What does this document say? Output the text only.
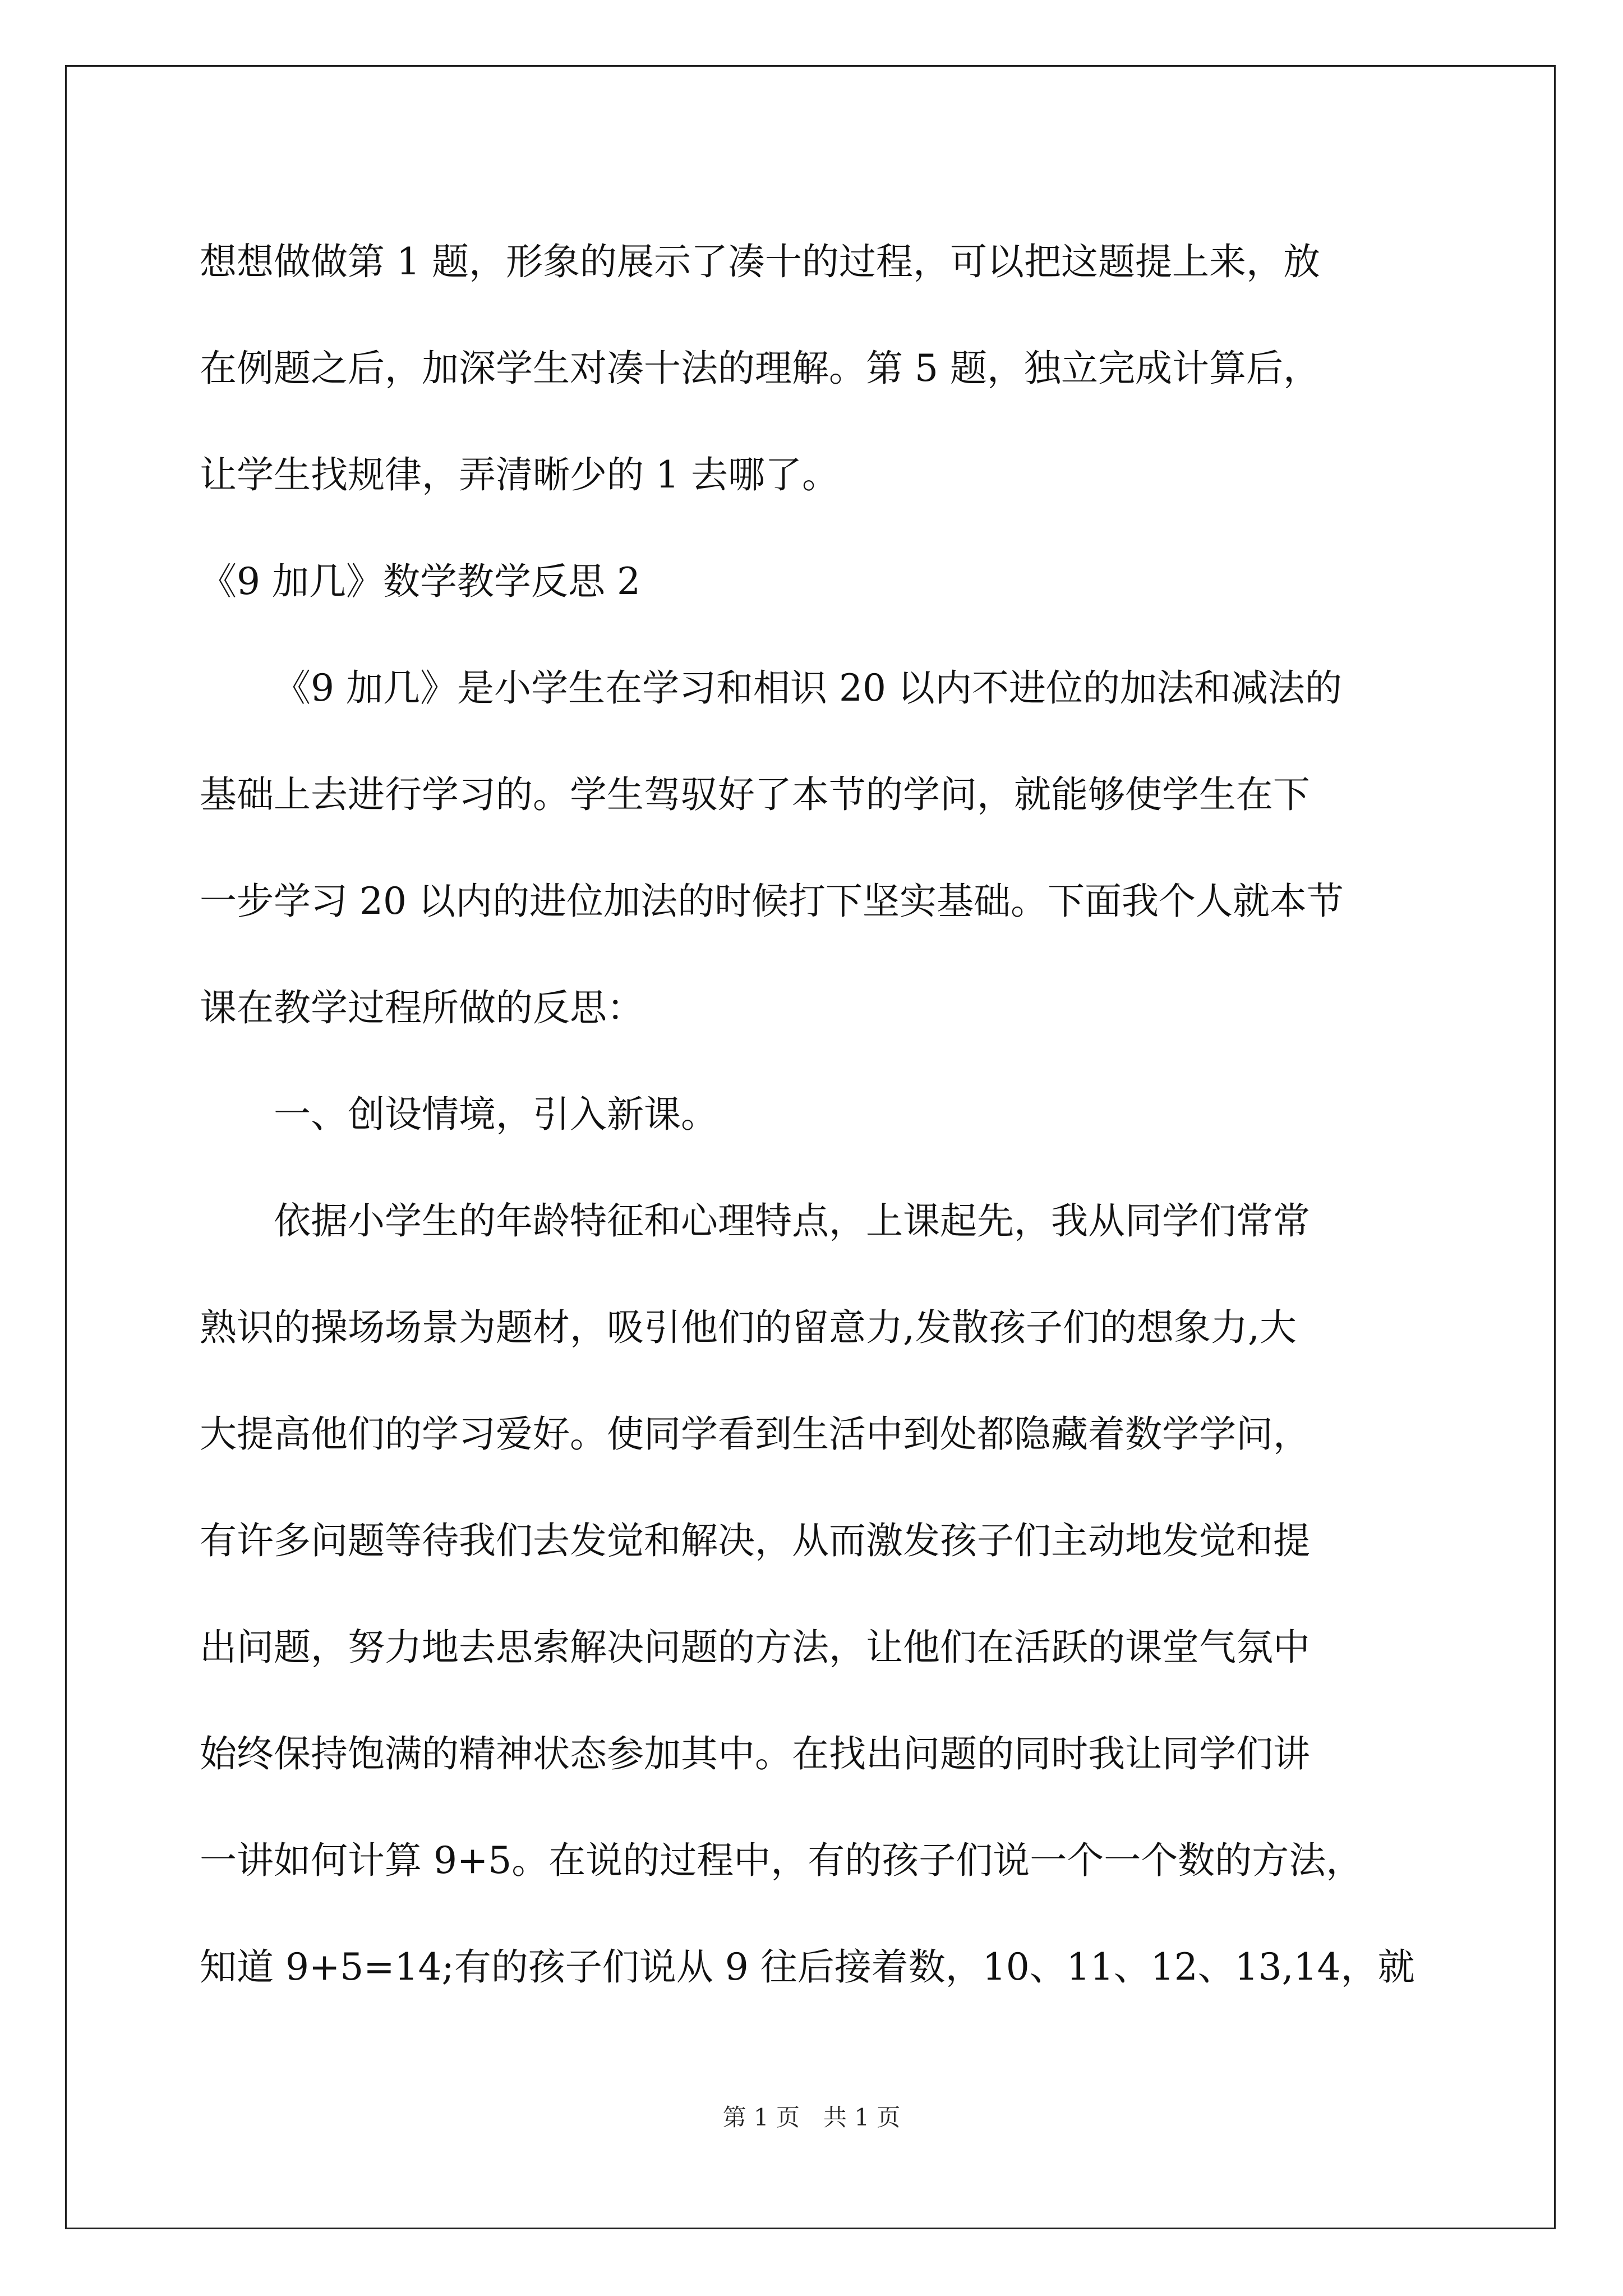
想想做做第 1 题，形象的展示了凑十的过程，可以把这题提上来，放
在例题之后，加深学生对凑十法的理解。第 5 题，独立完成计算后，
让学生找规律，弄清晰少的 1 去哪了。
《9 加几》数学教学反思 2
《9 加几》是小学生在学习和相识 20 以内不进位的加法和减法的
基础上去进行学习的。学生驾驭好了本节的学问，就能够使学生在下
一步学习 20 以内的进位加法的时候打下坚实基础。下面我个人就本节
课在教学过程所做的反思：
一、创设情境，引入新课。
依据小学生的年龄特征和心理特点，上课起先，我从同学们常常
熟识的操场场景为题材，吸引他们的留意力,发散孩子们的想象力,大
大提高他们的学习爱好。使同学看到生活中到处都隐藏着数学学问，
有许多问题等待我们去发觉和解决，从而激发孩子们主动地发觉和提
出问题，努力地去思索解决问题的方法，让他们在活跃的课堂气氛中
始终保持饱满的精神状态参加其中。在找出问题的同时我让同学们讲
一讲如何计算 9+5。在说的过程中，有的孩子们说一个一个数的方法，
知道 9+5=14;有的孩子们说从 9 往后接着数，10、11、12、13,14，就
第 1 页　共 1 页
